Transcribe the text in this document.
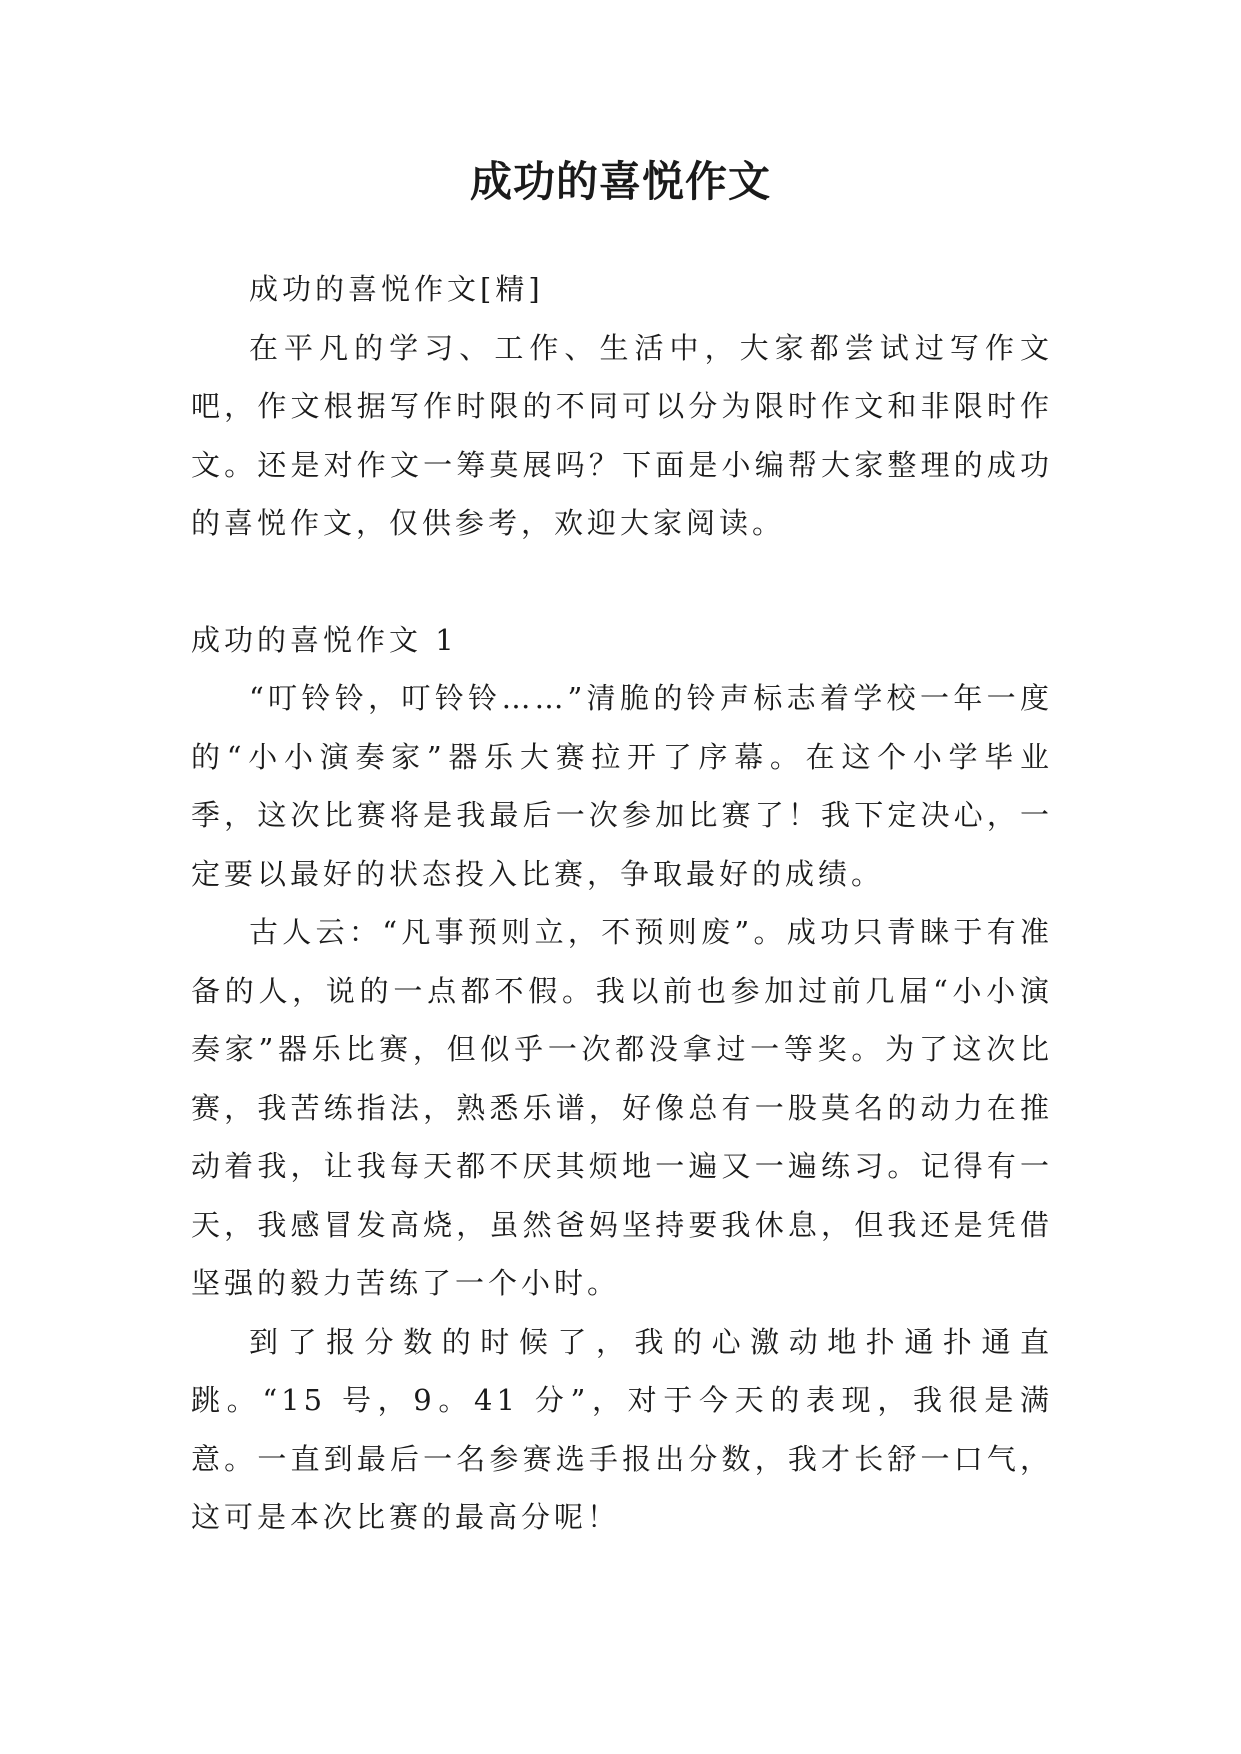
成功的喜悦作文

成功的喜悦作文[精]

在平凡的学习、工作、生活中，大家都尝试过写作文吧，作文根据写作时限的不同可以分为限时作文和非限时作文。还是对作文一筹莫展吗？下面是小编帮大家整理的成功的喜悦作文，仅供参考，欢迎大家阅读。

成功的喜悦作文 1

“叮铃铃，叮铃铃……”清脆的铃声标志着学校一年一度的“小小演奏家”器乐大赛拉开了序幕。在这个小学毕业季，这次比赛将是我最后一次参加比赛了！我下定决心，一定要以最好的状态投入比赛，争取最好的成绩。

古人云：“凡事预则立，不预则废”。成功只青睐于有准备的人，说的一点都不假。我以前也参加过前几届“小小演奏家”器乐比赛，但似乎一次都没拿过一等奖。为了这次比赛，我苦练指法，熟悉乐谱，好像总有一股莫名的动力在推动着我，让我每天都不厌其烦地一遍又一遍练习。记得有一天，我感冒发高烧，虽然爸妈坚持要我休息，但我还是凭借坚强的毅力苦练了一个小时。

到了报分数的时候了，我的心激动地扑通扑通直跳。“15 号，9。41 分”，对于今天的表现，我很是满意。一直到最后一名参赛选手报出分数，我才长舒一口气，这可是本次比赛的最高分呢！
